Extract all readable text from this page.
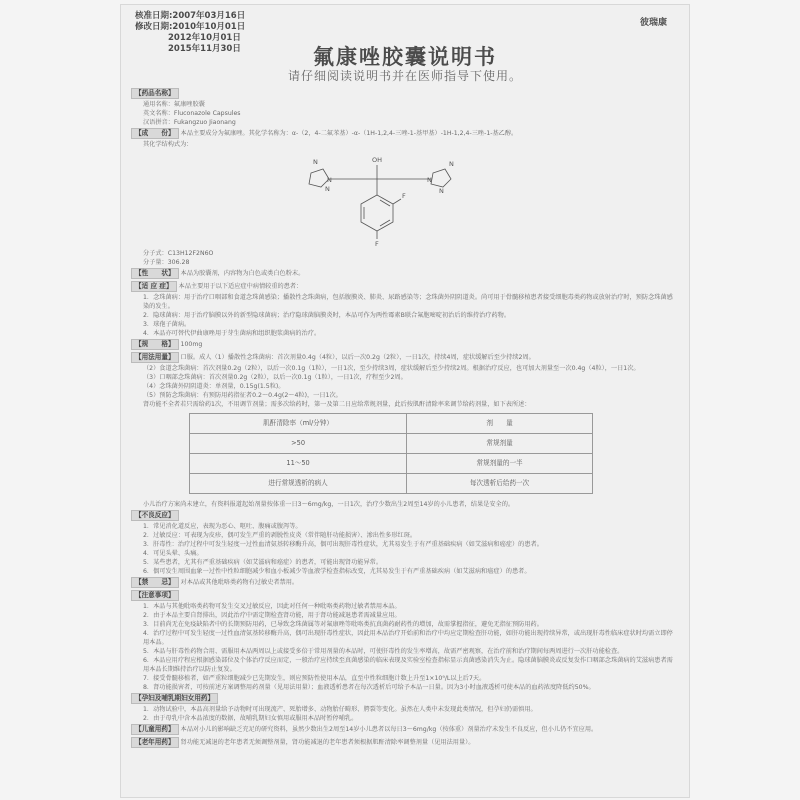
核准日期:2007年03月16日
修改日期:2010年10月01日
2012年10月01日
2015年11月30日
彼瑞康
氟康唑胶囊说明书
请仔细阅读说明书并在医师指导下使用。
【药品名称】
通用名称：氟康唑胶囊
英文名称：Fluconazole Capsules
汉语拼音：Fukangzuo Jiaonang
【成　　份】 本品主要成分为氟康唑。其化学名称为：α-（2，4-二氟苯基）-α-（1H-1,2,4-三唑-1-基甲基）-1H-1,2,4-三唑-1-基乙醇。
其化学结构式为：
N
N
N
OH
N
N
N
F
F
分子式：C13H12F2N6O
分子量：306.28
【性　　状】 本品为胶囊剂，内容物为白色或类白色粉末。
【适 应 症】 本品主要用于以下适应症中病情较重的患者：
1．念珠菌病：用于治疗口咽部和食道念珠菌感染；播散性念珠菌病，包括腹膜炎、肺炎、尿路感染等；念珠菌外阴阴道炎。尚可用于骨髓移植患者接受细胞毒类药物或放射治疗时，预防念珠菌感染的发生。
2．隐球菌病：用于治疗脑膜以外的新型隐球菌病；治疗隐球菌脑膜炎时，本品可作为两性霉素B联合氟胞嘧啶初治后的维持治疗药物。
3．球孢子菌病。
4．本品亦可替代伊曲康唑用于芽生菌病和组织胞浆菌病的治疗。
【规　　格】 100mg
【用法用量】 口服。成人（1）播散性念珠菌病：首次剂量0.4g（4粒），以后一次0.2g（2粒），一日1次，持续4周，症状缓解后至少持续2周。
（2）食道念珠菌病：首次剂量0.2g（2粒），以后一次0.1g（1粒），一日1次，至少持续3周，症状缓解后至少持续2周。根据治疗反应，也可加大剂量至一次0.4g（4粒），一日1次。
（3）口咽部念珠菌病：首次剂量0.2g（2粒），以后一次0.1g（1粒），一日1次，疗程至少2周。
（4）念珠菌外阴阴道炎：单剂量，0.15g(1.5粒)。
（5）预防念珠菌病：有预防用药指征者0.2～0.4g(2～4粒)，一日1次。
肾功能不全者若只需给药1次，不用调节剂量；需多次给药时，第一及第二日应给常规剂量，此后按肌酐清除率来调节给药剂量，如下表所述：
肌酐清除率（ml/分钟）	剂　　量
>50	常规剂量
11～50	常规剂量的一半
进行常规透析的病人	每次透析后给药一次
小儿治疗方案尚未建立，有资料报道起始剂量按体重一日3～6mg/kg，一日1次，治疗少数出生2周至14岁的小儿患者，结果是安全的。
【不良反应】
1．常见消化道反应，表现为恶心、呕吐、腹痛或腹泻等。
2．过敏反应：可表现为皮疹，偶可发生严重的剥脱性皮炎（常伴随肝功能损害）、渗出性多形红斑。
3．肝毒性：治疗过程中可发生轻度一过性血清氨基转移酶升高，偶可出现肝毒性症状，尤其易发生于有严重基础疾病（如艾滋病和癌症）的患者。
4．可见头晕、头痛。
5．某些患者，尤其有严重基础疾病（如艾滋病和癌症）的患者，可能出现肾功能异常。
6．偶可发生周围血象一过性中性粒细胞减少和血小板减少等血液学检查指标改变，尤其易发生于有严重基础疾病（如艾滋病和癌症）的患者。
【禁　　忌】 对本品或其他吡咯类药物有过敏史者禁用。
【注意事项】
1．本品与其他吡咯类药物可发生交叉过敏反应，因此对任何一种吡咯类药物过敏者禁用本品。
2．由于本品主要自肾排出，因此治疗中需定期检查肾功能，用于肾功能减退患者需减量应用。
3．目前尚无在免疫缺陷者中的长期预防用药，已导致念珠菌属等对氟康唑等吡咯类抗真菌药耐药性的增加，故需掌握指征，避免无指征预防用药。
4．治疗过程中可发生轻度一过性血清氨基转移酶升高，偶可出现肝毒性症状，因此用本品治疗开始前和治疗中均应定期检查肝功能，如肝功能出现持续异常，或出现肝毒性临床症状时均需立即停用本品。
5．本品与肝毒性药物合用、需服用本品两周以上或接受多倍于常用剂量的本品时，可使肝毒性的发生率增高，故需严密观察，在治疗前和治疗期间每两周进行一次肝功能检查。
6．本品应用疗程应根据感染部位及个体治疗反应而定，一般治疗应持续至真菌感染的临床表现及实验室检查指标显示真菌感染消失为止。隐球菌脑膜炎或反复发作口咽部念珠菌病的艾滋病患者需用本品长期维持治疗以防止复发。
7．接受骨髓移植者，如严重粒细胞减少已先期发生，则应预防性使用本品，直至中性粒细胞计数上升至1×10⁹/L以上后7天。
8．肾功能损害者，可按前述方案调整用药剂量（见用法用量）；血液透析患者在每次透析后可给予本品一日量。因为3小时血液透析可使本品的血药浓度降低约50%。
【孕妇及哺乳期妇女用药】
1．动物试验中，本品高剂量给予动物时可出现流产、死胎增多、动物胎仔畸形、腭裂等变化。虽然在人类中未发现此类情况，但孕妇仍需慎用。
2．由于母乳中含本品浓度的数据，故哺乳期妇女慎用或服用本品时暂停哺乳。
【儿童用药】 本品对小儿的影响缺乏充足的研究资料，虽然少数出生2周至14岁小儿患者以每日3～6mg/kg（按体重）剂量治疗未发生不良反应，但小儿仍不宜应用。
【老年用药】 肾功能无减退的老年患者无须调整剂量，肾功能减退的老年患者须根据肌酐清除率调整剂量（见用法用量）。
